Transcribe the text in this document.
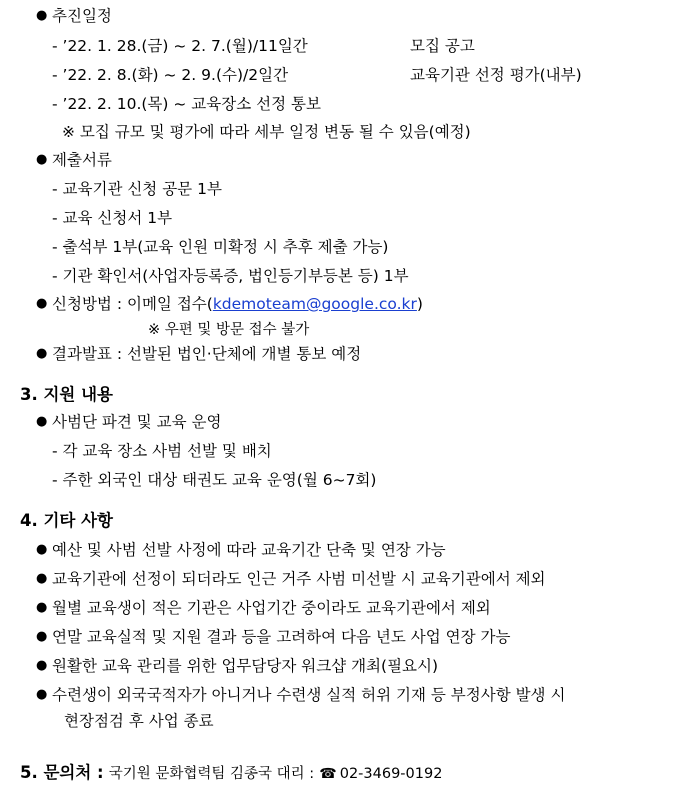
● 추진일정
- ’22. 1. 28.(금) ~ 2. 7.(월)/11일간	모집 공고
- ’22. 2. 8.(화) ~ 2. 9.(수)/2일간	교육기관 선정 평가(내부)
- ’22. 2. 10.(목) ~ 교육장소 선정 통보
※ 모집 규모 및 평가에 따라 세부 일정 변동 될 수 있음(예정)
● 제출서류
- 교육기관 신청 공문 1부
- 교육 신청서 1부
- 출석부 1부(교육 인원 미확정 시 추후 제출 가능)
- 기관 확인서(사업자등록증, 법인등기부등본 등) 1부
● 신청방법 : 이메일 접수(kdemoteam@google.co.kr)
※ 우편 및 방문 접수 불가
● 결과발표 : 선발된 법인·단체에 개별 통보 예정
3. 지원 내용
● 사범단 파견 및 교육 운영
- 각 교육 장소 사범 선발 및 배치
- 주한 외국인 대상 태권도 교육 운영(월 6~7회)
4. 기타 사항
● 예산 및 사범 선발 사정에 따라 교육기간 단축 및 연장 가능
● 교육기관에 선정이 되더라도 인근 거주 사범 미선발 시 교육기관에서 제외
● 월별 교육생이 적은 기관은 사업기간 중이라도 교육기관에서 제외
● 연말 교육실적 및 지원 결과 등을 고려하여 다음 년도 사업 연장 가능
● 원활한 교육 관리를 위한 업무담당자 워크샵 개최(필요시)
● 수련생이 외국국적자가 아니거나 수련생 실적 허위 기재 등 부정사항 발생 시
현장점검 후 사업 종료
5. 문의처 : 국기원 문화협력팀 김종국 대리 : ☎ 02-3469-0192
